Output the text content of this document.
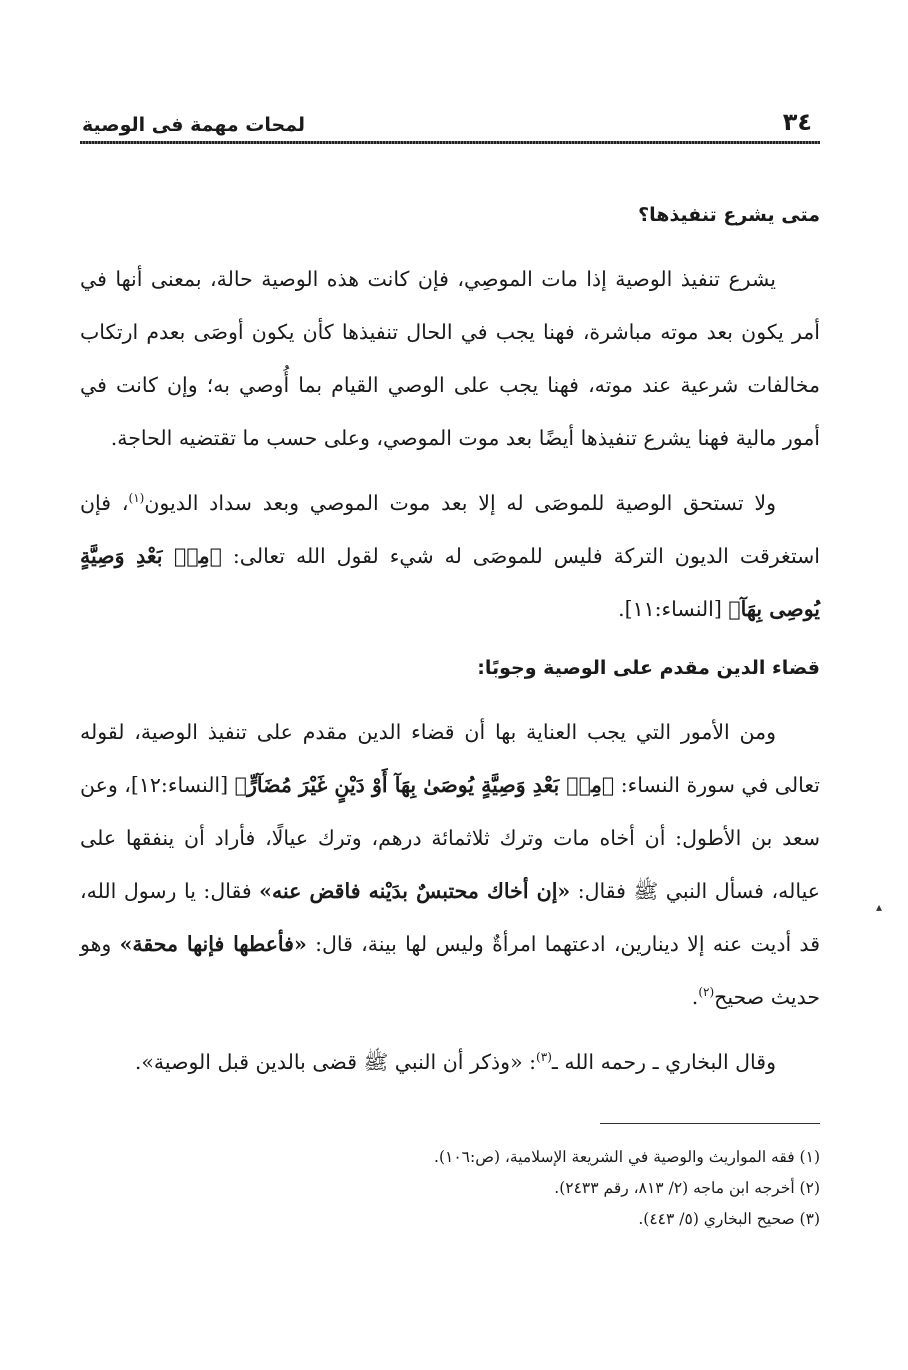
٣٤
لمحات مهمة فى الوصية
متى يشرع تنفيذها؟

يشرع تنفيذ الوصية إذا مات الموصِي، فإن كانت هذه الوصية حالة، بمعنى أنها في أمر يكون بعد موته مباشرة، فهنا يجب في الحال تنفيذها كأن يكون أوصَى بعدم ارتكاب مخالفات شرعية عند موته، فهنا يجب على الوصي القيام بما أُوصي به؛ وإن كانت في أمور مالية فهنا يشرع تنفيذها أيضًا بعد موت الموصي، وعلى حسب ما تقتضيه الحاجة.

ولا تستحق الوصية للموصَى له إلا بعد موت الموصي وبعد سداد الديون$^{(١)}$، فإن استغرقت الديون التركة فليس للموصَى له شيء لقول الله تعالى: ﴿مِنۢ بَعْدِ وَصِيَّةٍ يُوصِى بِهَآ﴾ [النساء:١١].

قضاء الدين مقدم على الوصية وجوبًا:

ومن الأمور التي يجب العناية بها أن قضاء الدين مقدم على تنفيذ الوصية، لقوله تعالى في سورة النساء: ﴿مِنۢ بَعْدِ وَصِيَّةٍ يُوصَىٰ بِهَآ أَوْ دَيْنٍ غَيْرَ مُضَآرٍّ﴾ [النساء:١٢]، وعن سعد بن الأطول: أن أخاه مات وترك ثلاثمائة درهم، وترك عيالًا، فأراد أن ينفقها على عياله، فسأل النبي ﷺ فقال: «إن أخاك محتبسٌ بدَيْنه فاقض عنه» فقال: يا رسول الله، قد أديت عنه إلا دينارين، ادعتهما امرأةٌ وليس لها بينة، قال: «فأعطها فإنها محقة» وهو حديث صحيح$^{(٢)}$.

وقال البخاري ـ رحمه الله ـ$^{(٣)}$: «وذكر أن النبي ﷺ قضى بالدين قبل الوصية».

(١) فقه المواريث والوصية في الشريعة الإسلامية، (ص:١٠٦).
(٢) أخرجه ابن ماجه (٢/ ٨١٣، رقم ٢٤٣٣).
(٣) صحيح البخاري (٥/ ٤٤٣).
▴
